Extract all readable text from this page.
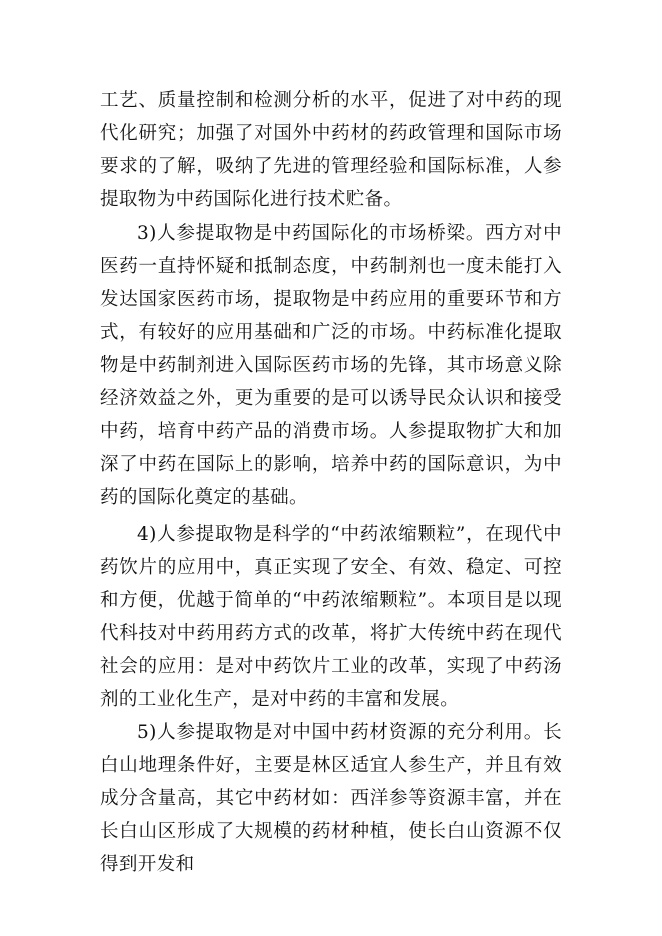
工艺、质量控制和检测分析的水平，促进了对中药的现代化研究；加强了对国外中药材的药政管理和国际市场要求的了解，吸纳了先进的管理经验和国际标准，人参提取物为中药国际化进行技术贮备。

3)人参提取物是中药国际化的市场桥梁。西方对中医药一直持怀疑和抵制态度，中药制剂也一度未能打入发达国家医药市场，提取物是中药应用的重要环节和方式，有较好的应用基础和广泛的市场。中药标准化提取物是中药制剂进入国际医药市场的先锋，其市场意义除经济效益之外，更为重要的是可以诱导民众认识和接受中药，培育中药产品的消费市场。人参提取物扩大和加深了中药在国际上的影响，培养中药的国际意识，为中药的国际化奠定的基础。

4)人参提取物是科学的“中药浓缩颗粒”，在现代中药饮片的应用中，真正实现了安全、有效、稳定、可控和方便，优越于简单的“中药浓缩颗粒”。本项目是以现代科技对中药用药方式的改革，将扩大传统中药在现代社会的应用：是对中药饮片工业的改革，实现了中药汤剂的工业化生产，是对中药的丰富和发展。

5)人参提取物是对中国中药材资源的充分利用。长白山地理条件好，主要是林区适宜人参生产，并且有效成分含量高，其它中药材如：西洋参等资源丰富，并在长白山区形成了大规模的药材种植，使长白山资源不仅得到开发和
